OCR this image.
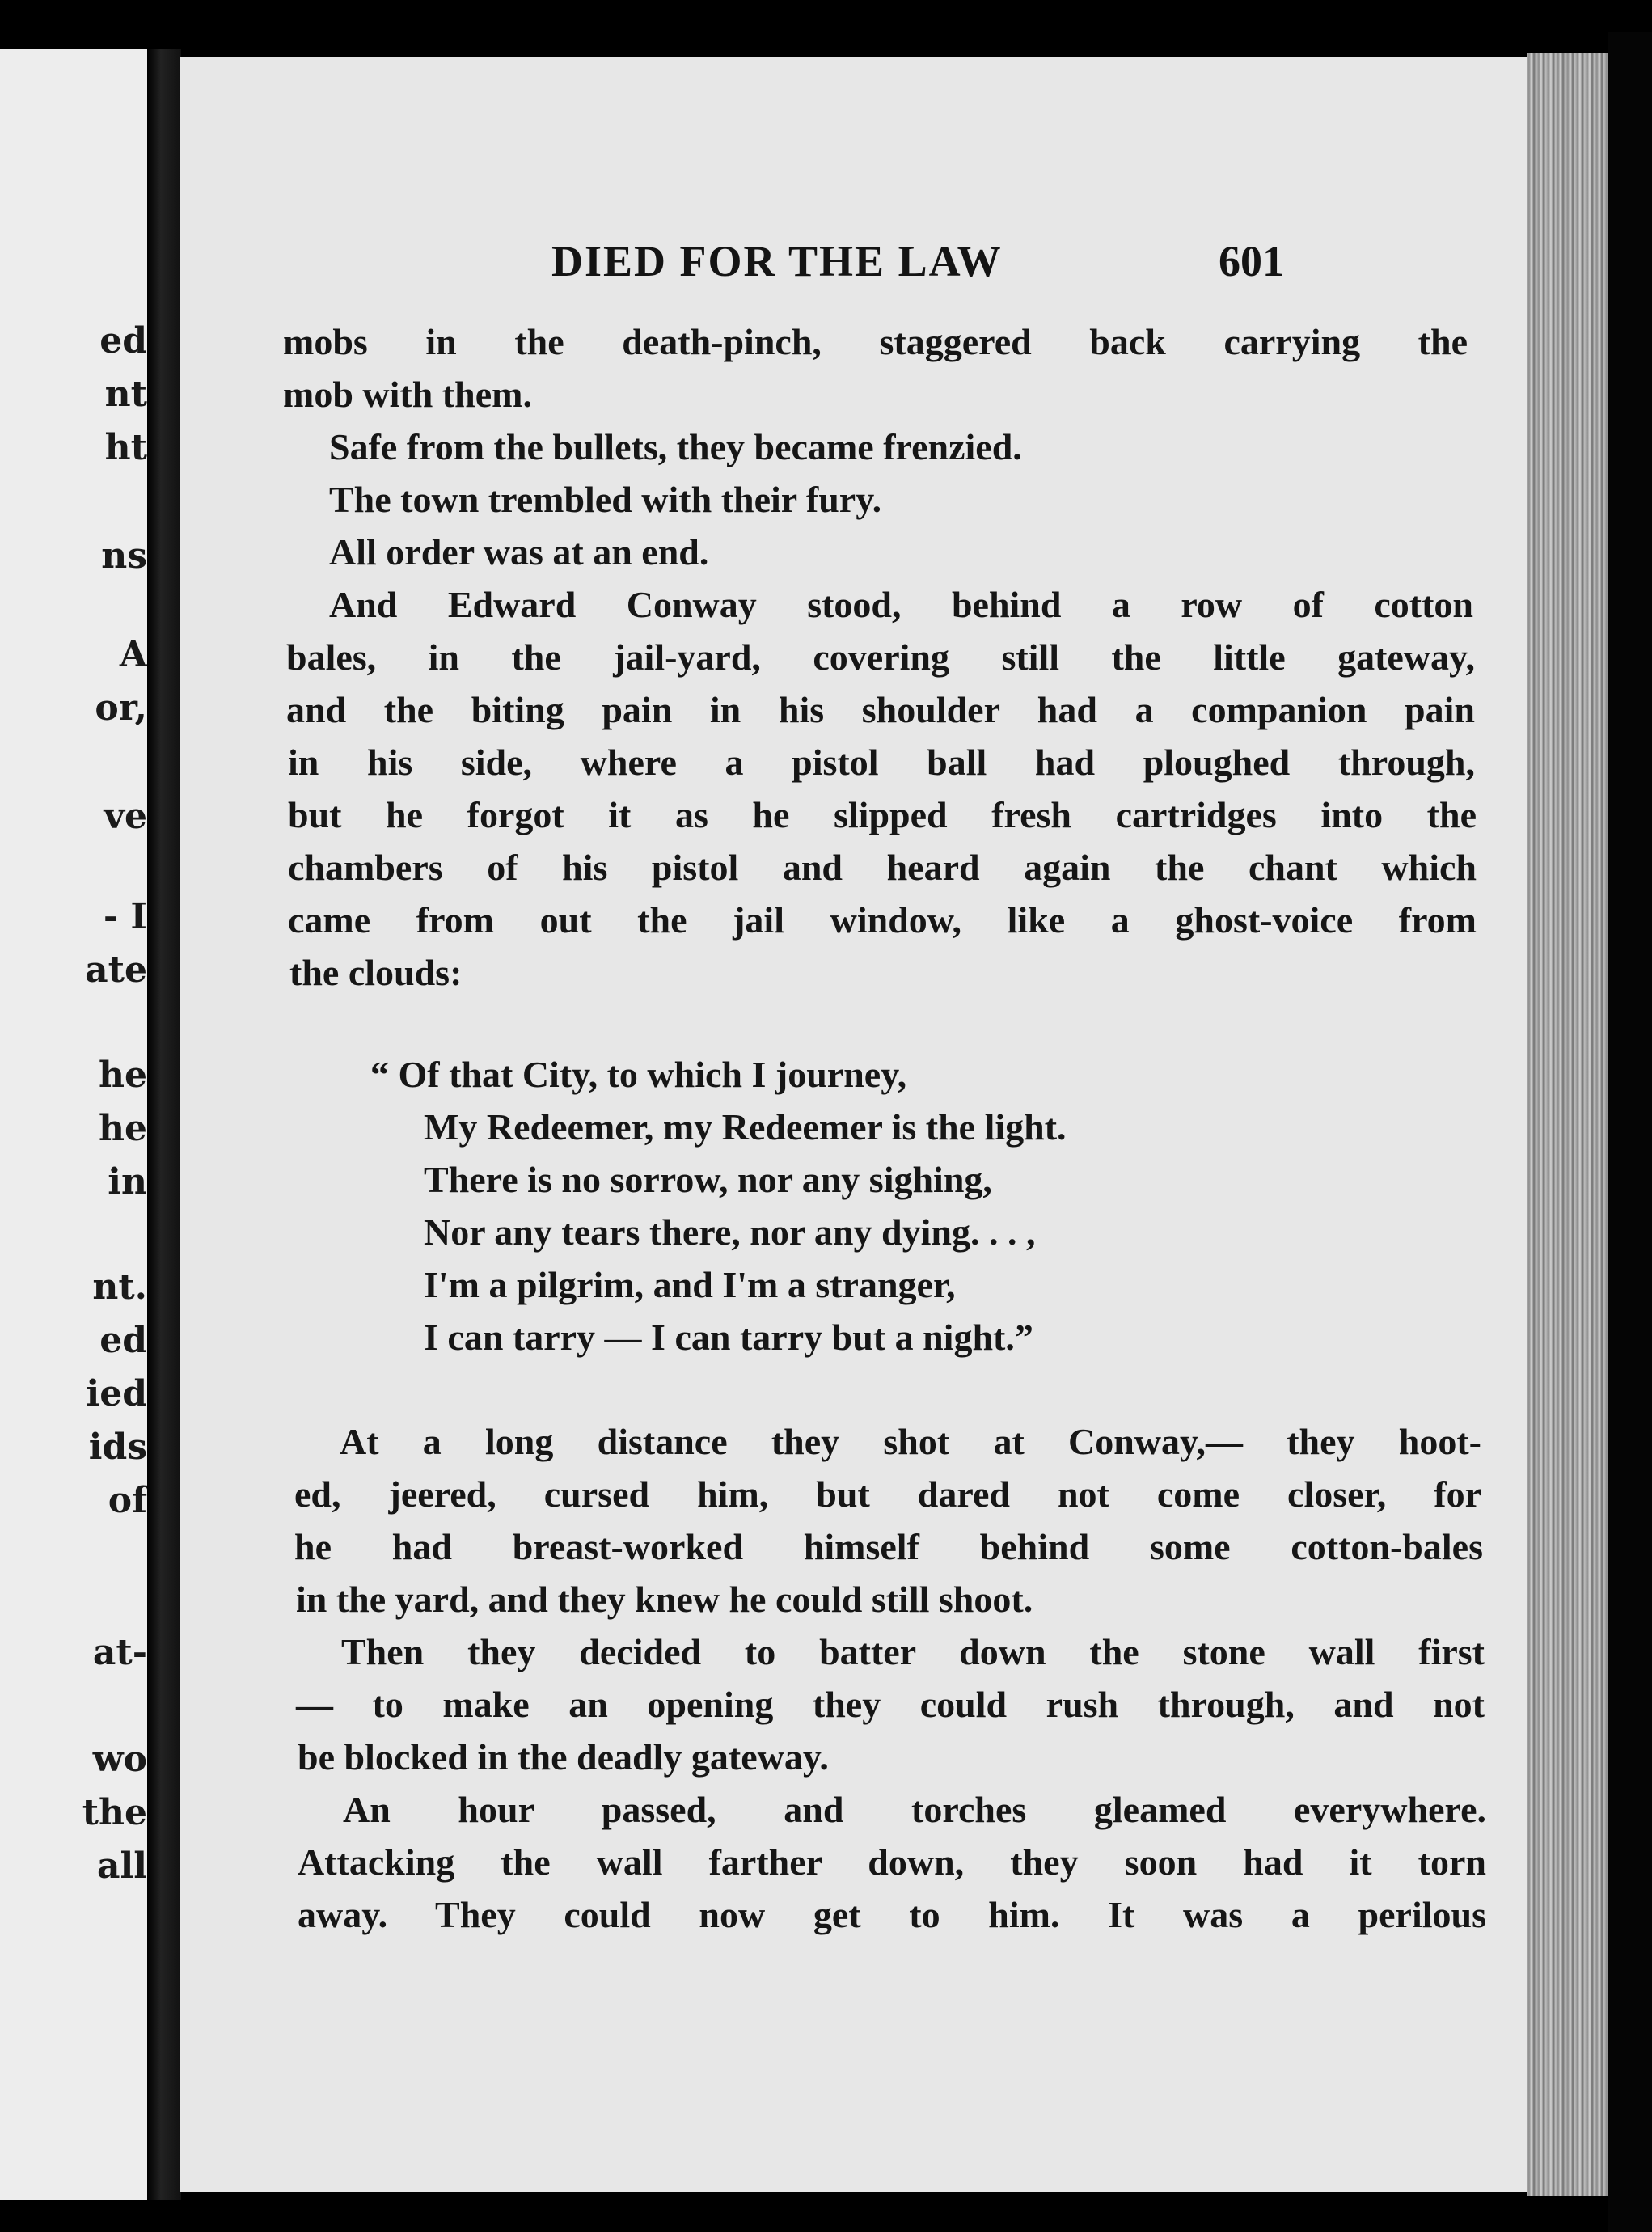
ed
nt
ht
ns
A
or,
ve
- I
ate
he
he
in
nt.
ed
ied
ids
of
at-
wo
the
all
DIED FOR THE LAW	601
mobs in the death-pinch, staggered back carrying the
mob with them.
Safe from the bullets, they became frenzied.
The town trembled with their fury.
All order was at an end.
And Edward Conway stood, behind a row of cotton
bales, in the jail-yard, covering still the little gateway,
and the biting pain in his shoulder had a companion pain
in his side, where a pistol ball had ploughed through,
but he forgot it as he slipped fresh cartridges into the
chambers of his pistol and heard again the chant which
came from out the jail window, like a ghost-voice from
the clouds:
“ Of that City, to which I journey,
My Redeemer, my Redeemer is the light.
There is no sorrow, nor any sighing,
Nor any tears there, nor any dying. . . ,
I'm a pilgrim, and I'm a stranger,
I can tarry — I can tarry but a night.”
At a long distance they shot at Conway,— they hoot-
ed, jeered, cursed him, but dared not come closer, for
he had breast-worked himself behind some cotton-bales
in the yard, and they knew he could still shoot.
Then they decided to batter down the stone wall first
— to make an opening they could rush through, and not
be blocked in the deadly gateway.
An hour passed, and torches gleamed everywhere.
Attacking the wall farther down, they soon had it torn
away. They could now get to him. It was a perilous
